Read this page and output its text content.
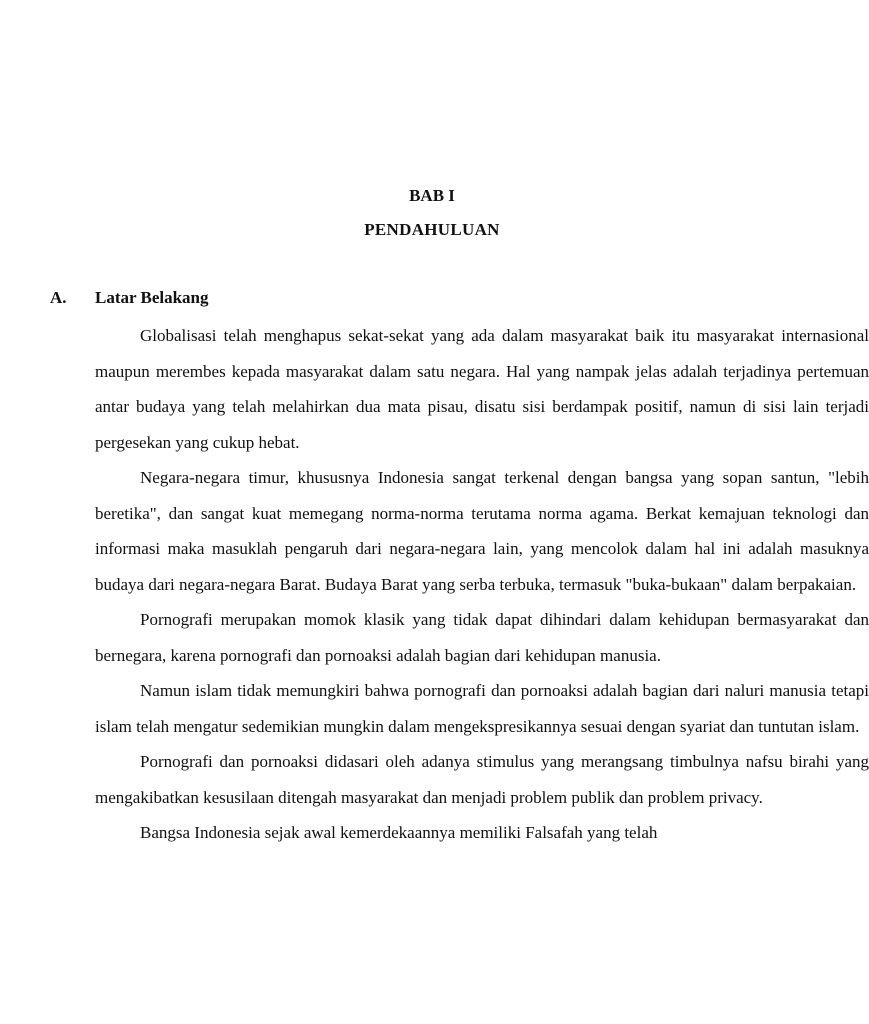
BAB I
PENDAHULUAN
A. Latar Belakang

Globalisasi telah menghapus sekat-sekat yang ada dalam masyarakat baik itu masyarakat internasional maupun merembes kepada masyarakat dalam satu negara. Hal yang nampak jelas adalah terjadinya pertemuan antar budaya yang telah melahirkan dua mata pisau, disatu sisi berdampak positif, namun di sisi lain terjadi pergesekan yang cukup hebat.

Negara-negara timur, khususnya Indonesia sangat terkenal dengan bangsa yang sopan santun, "lebih beretika", dan sangat kuat memegang norma-norma terutama norma agama. Berkat kemajuan teknologi dan informasi maka masuklah pengaruh dari negara-negara lain, yang mencolok dalam hal ini adalah masuknya budaya dari negara-negara Barat. Budaya Barat yang serba terbuka, termasuk "buka-bukaan" dalam berpakaian.

Pornografi merupakan momok klasik yang tidak dapat dihindari dalam kehidupan bermasyarakat dan bernegara, karena pornografi dan pornoaksi adalah bagian dari kehidupan manusia.

Namun islam tidak memungkiri bahwa pornografi dan pornoaksi adalah bagian dari naluri manusia tetapi islam telah mengatur sedemikian mungkin dalam mengekspresikannya sesuai dengan syariat dan tuntutan islam.

Pornografi dan pornoaksi didasari oleh adanya stimulus yang merangsang timbulnya nafsu birahi yang mengakibatkan kesusilaan ditengah masyarakat dan menjadi problem publik dan problem privacy.

Bangsa Indonesia sejak awal kemerdekaannya memiliki Falsafah yang telah
